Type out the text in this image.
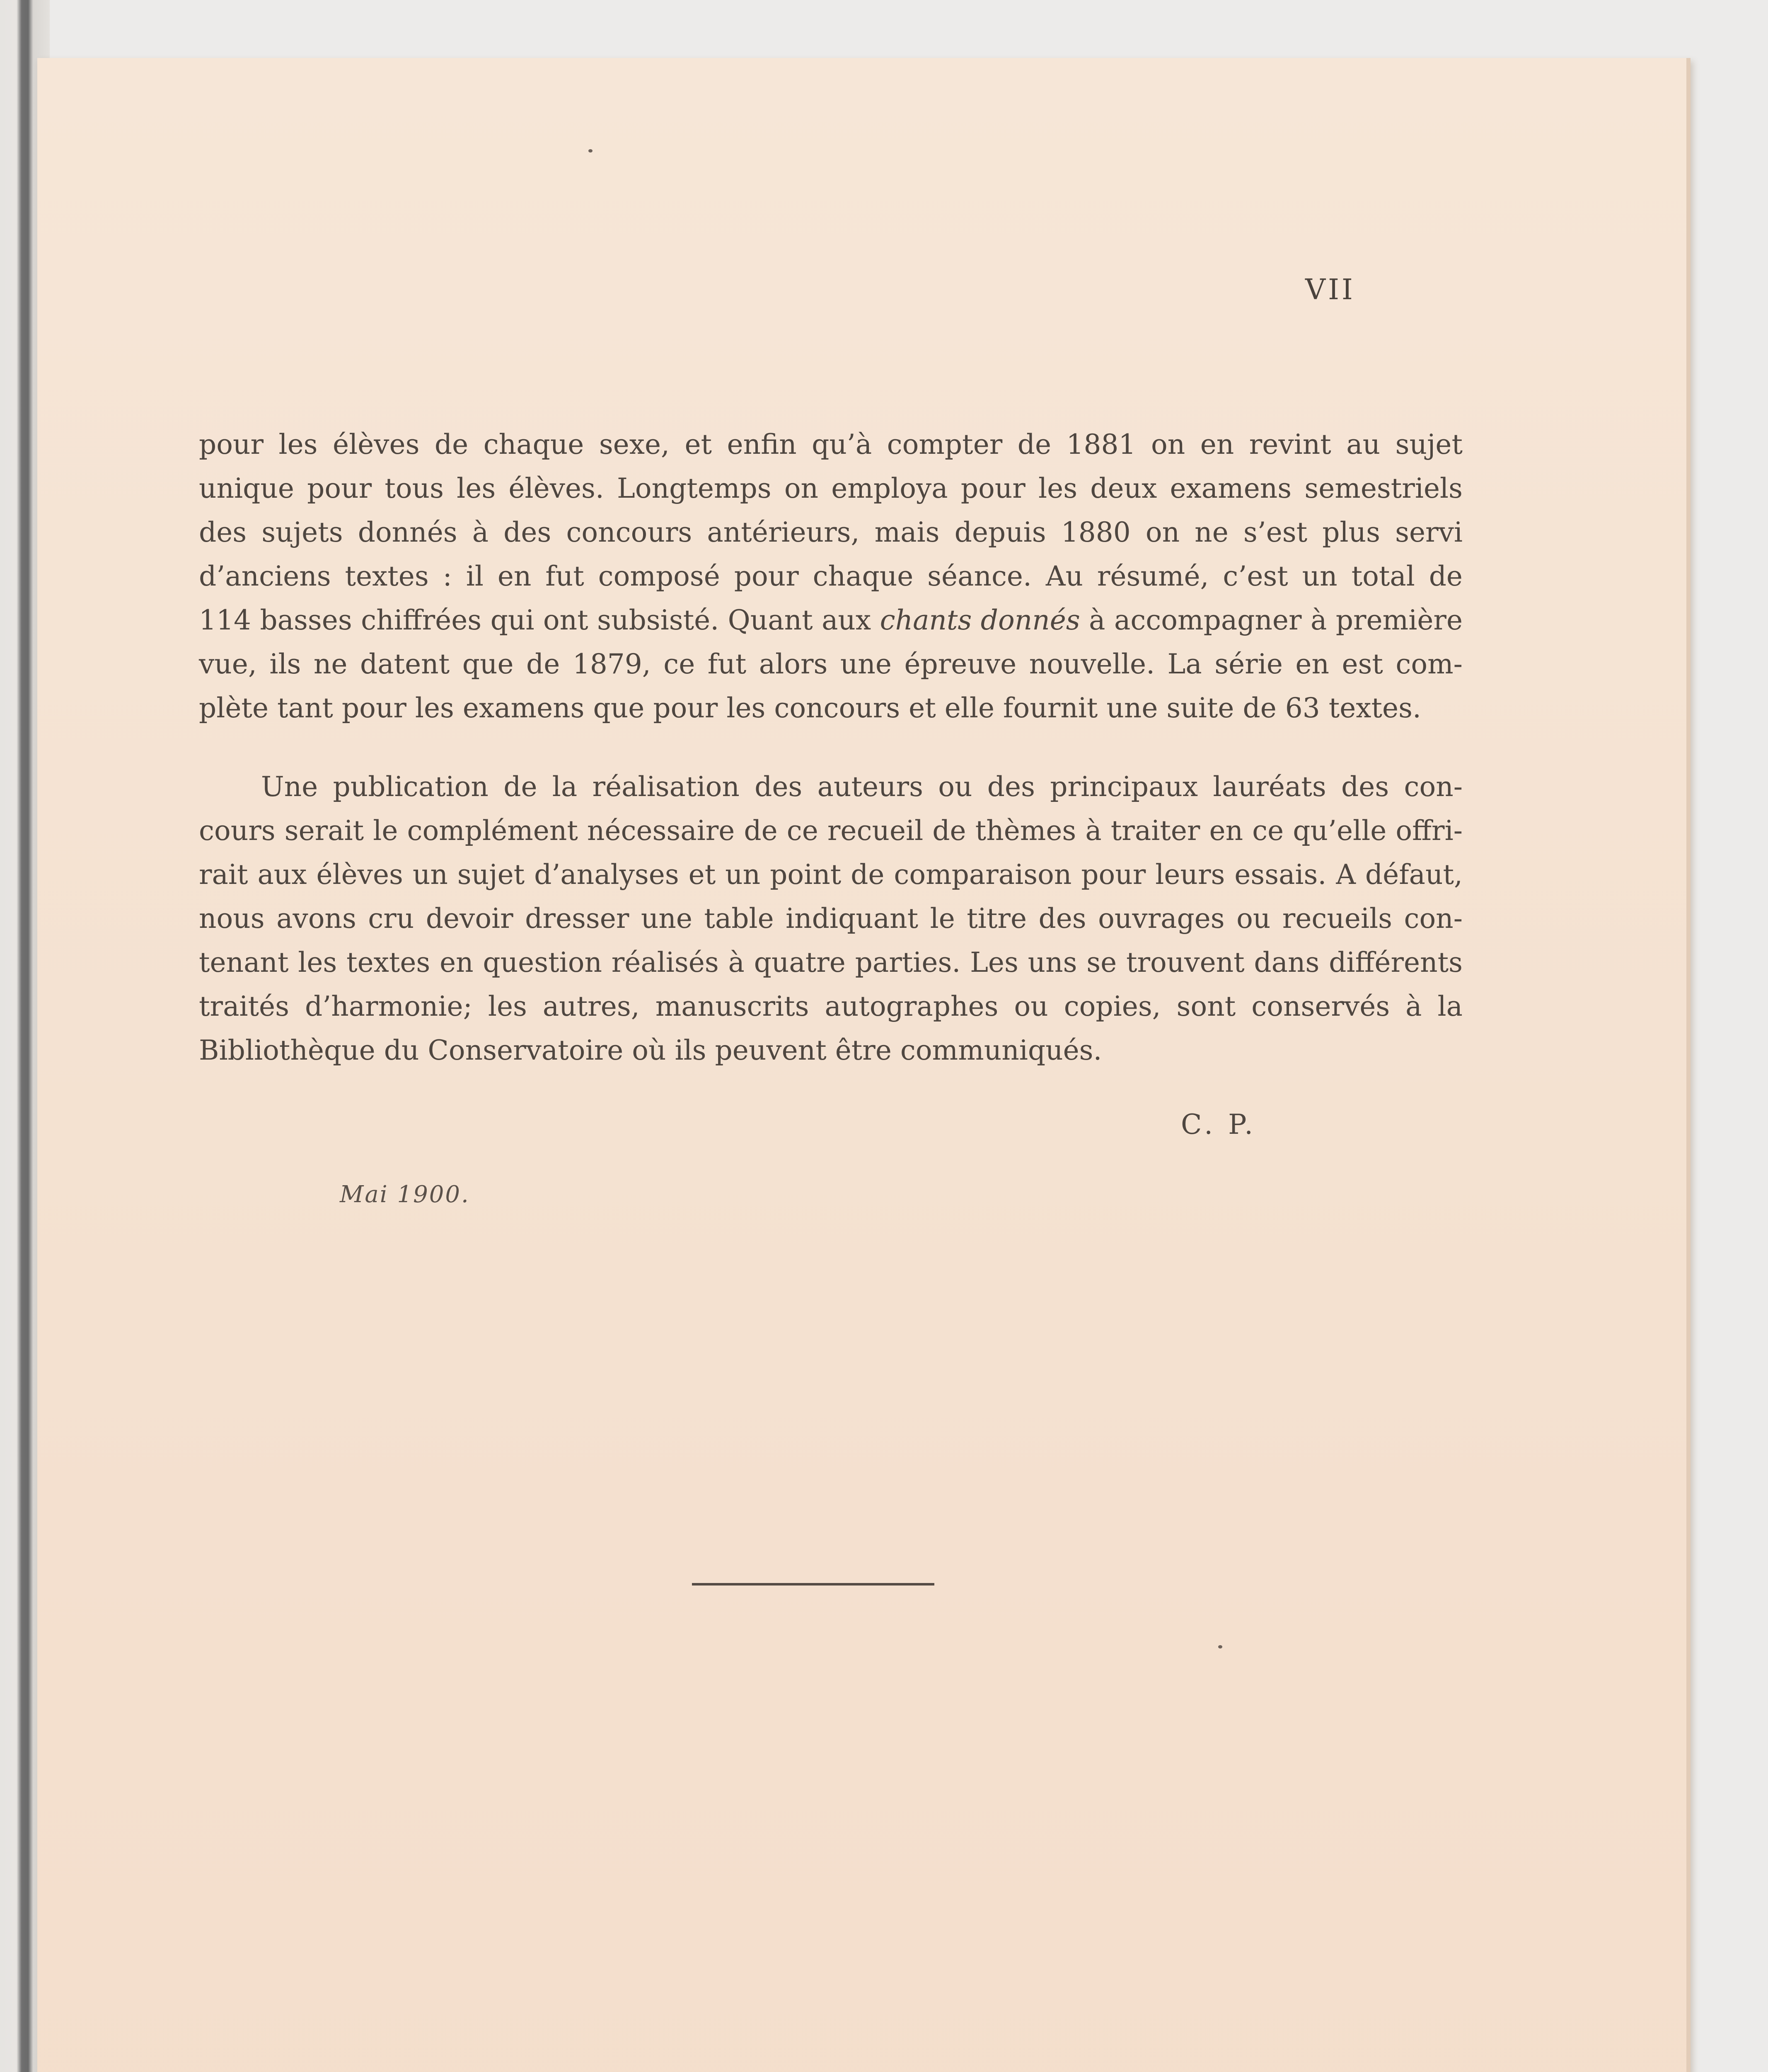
VII

pour les élèves de chaque sexe, et enfin qu’à compter de 1881 on en revint au sujet

unique pour tous les élèves. Longtemps on employa pour les deux examens semestriels

des sujets donnés à des concours antérieurs, mais depuis 1880 on ne s’est plus servi

d’anciens textes : il en fut composé pour chaque séance. Au résumé, c’est un total de

114 basses chiffrées qui ont subsisté. Quant aux chants donnés à accompagner à première

vue, ils ne datent que de 1879, ce fut alors une épreuve nouvelle. La série en est com-

plète tant pour les examens que pour les concours et elle fournit une suite de 63 textes.

Une publication de la réalisation des auteurs ou des principaux lauréats des con-

cours serait le complément nécessaire de ce recueil de thèmes à traiter en ce qu’elle offri-

rait aux élèves un sujet d’analyses et un point de comparaison pour leurs essais. A défaut,

nous avons cru devoir dresser une table indiquant le titre des ouvrages ou recueils con-

tenant les textes en question réalisés à quatre parties. Les uns se trouvent dans différents

traités d’harmonie; les autres, manuscrits autographes ou copies, sont conservés à la

Bibliothèque du Conservatoire où ils peuvent être communiqués.

C. P.
Mai 1900.
